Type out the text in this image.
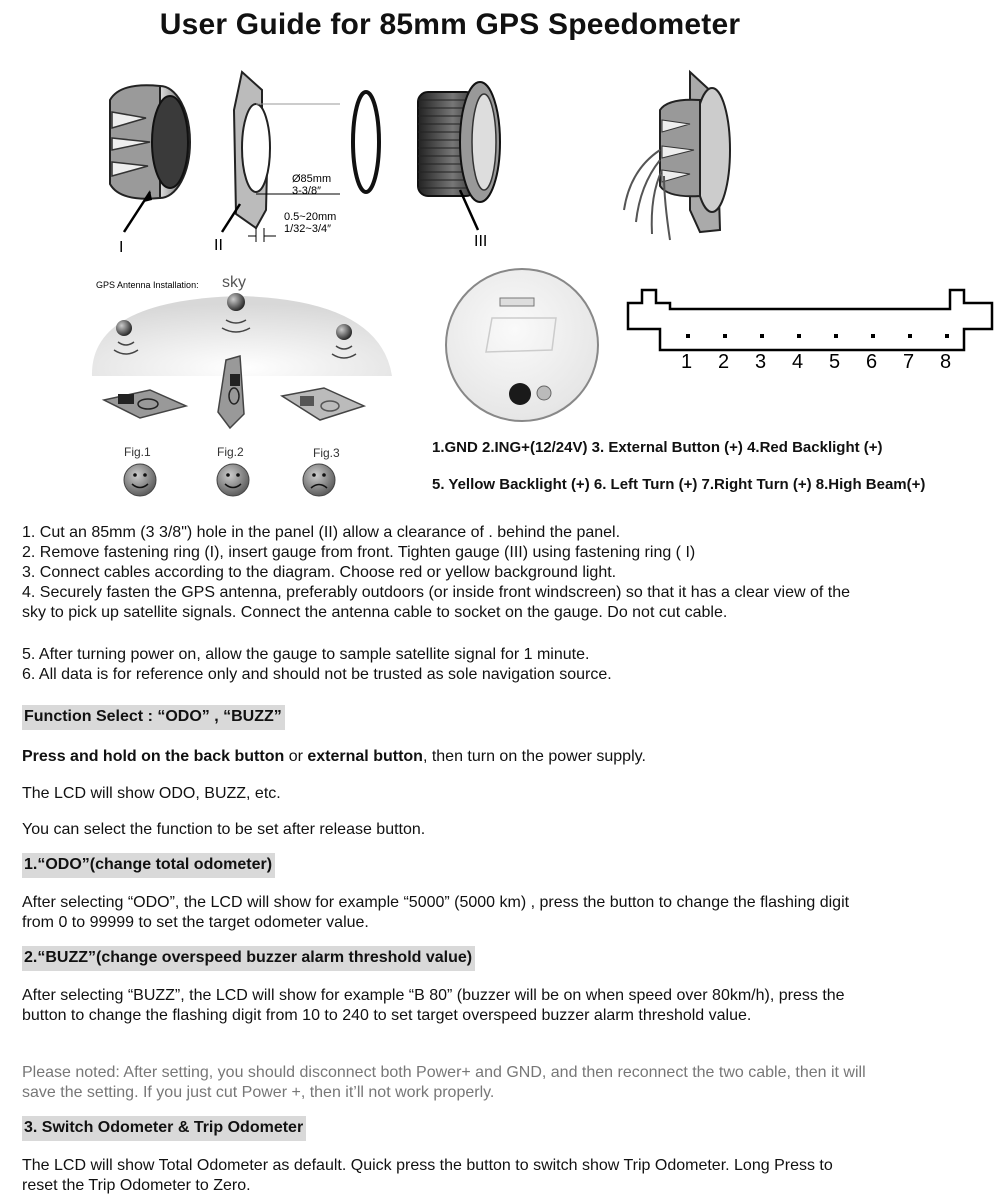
User Guide for 85mm GPS Speedometer
I	II
Ø85mm
3-3/8″
0.5~20mm
1/32~3/4″
III
GPS Antenna Installation: sky
Fig.1	Fig.2	Fig.3
1 2 3 4 5 6 7 8
1.GND 2.ING+(12/24V) 3. External Button (+) 4.Red Backlight (+)
5. Yellow Backlight (+) 6. Left Turn (+) 7.Right Turn (+) 8.High Beam(+)
1. Cut an 85mm (3 3/8") hole in the panel (II) allow a clearance of . behind the panel.
2. Remove fastening ring (I), insert gauge from front. Tighten gauge (III) using fastening ring ( I)
3. Connect cables according to the diagram. Choose red or yellow background light.
4. Securely fasten the GPS antenna, preferably outdoors (or inside front windscreen) so that it has a clear view of the sky to pick up satellite signals. Connect the antenna cable to socket on the gauge. Do not cut cable.
5. After turning power on, allow the gauge to sample satellite signal for 1 minute.
6. All data is for reference only and should not be trusted as sole navigation source.
Function Select : “ODO” , “BUZZ”
Press and hold on the back button or external button, then turn on the power supply.
The LCD will show ODO, BUZZ, etc.
You can select the function to be set after release button.
1.“ODO”(change total odometer)
After selecting “ODO”, the LCD will show for example “5000” (5000 km) , press the button to change the flashing digit from 0 to 99999 to set the target odometer value.
2.“BUZZ”(change overspeed buzzer alarm threshold value)
After selecting “BUZZ”, the LCD will show for example “B 80” (buzzer will be on when speed over 80km/h), press the button to change the flashing digit from 10 to 240 to set target overspeed buzzer alarm threshold value.
Please noted: After setting, you should disconnect both Power+ and GND, and then reconnect the two cable, then it will save the setting. If you just cut Power +, then it’ll not work properly.
3. Switch Odometer & Trip Odometer
The LCD will show Total Odometer as default. Quick press the button to switch show Trip Odometer. Long Press to reset the Trip Odometer to Zero.
